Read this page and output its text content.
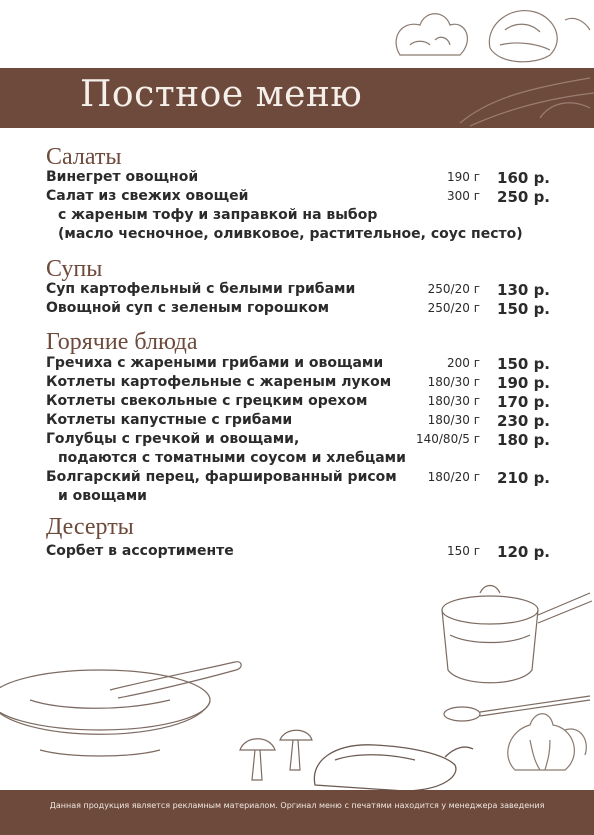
Постное меню
Салаты
Винегрет овощной	190 г 160 р.
Салат из свежих овощей	300 г 250 р.
с жареным тофу и заправкой на выбор
(масло чесночное, оливковое, растительное, соус песто)
Супы
Суп картофельный с белыми грибами	250/20 г 130 р.
Овощной суп с зеленым горошком	250/20 г 150 р.
Горячие блюда
Гречиха с жареными грибами и овощами	200 г 150 р.
Котлеты картофельные с жареным луком	180/30 г 190 р.
Котлеты свекольные с грецким орехом	180/30 г 170 р.
Котлеты капустные с грибами	180/30 г 230 р.
Голубцы с гречкой и овощами,	140/80/5 г 180 р.
подаются с томатными соусом и хлебцами
Болгарский перец, фаршированный рисом	180/20 г 210 р.
и овощами
Десерты
Сорбет в ассортименте	150 г 120 р.
Данная продукция является рекламным материалом. Оргинал меню с печатями находится у менеджера заведения
